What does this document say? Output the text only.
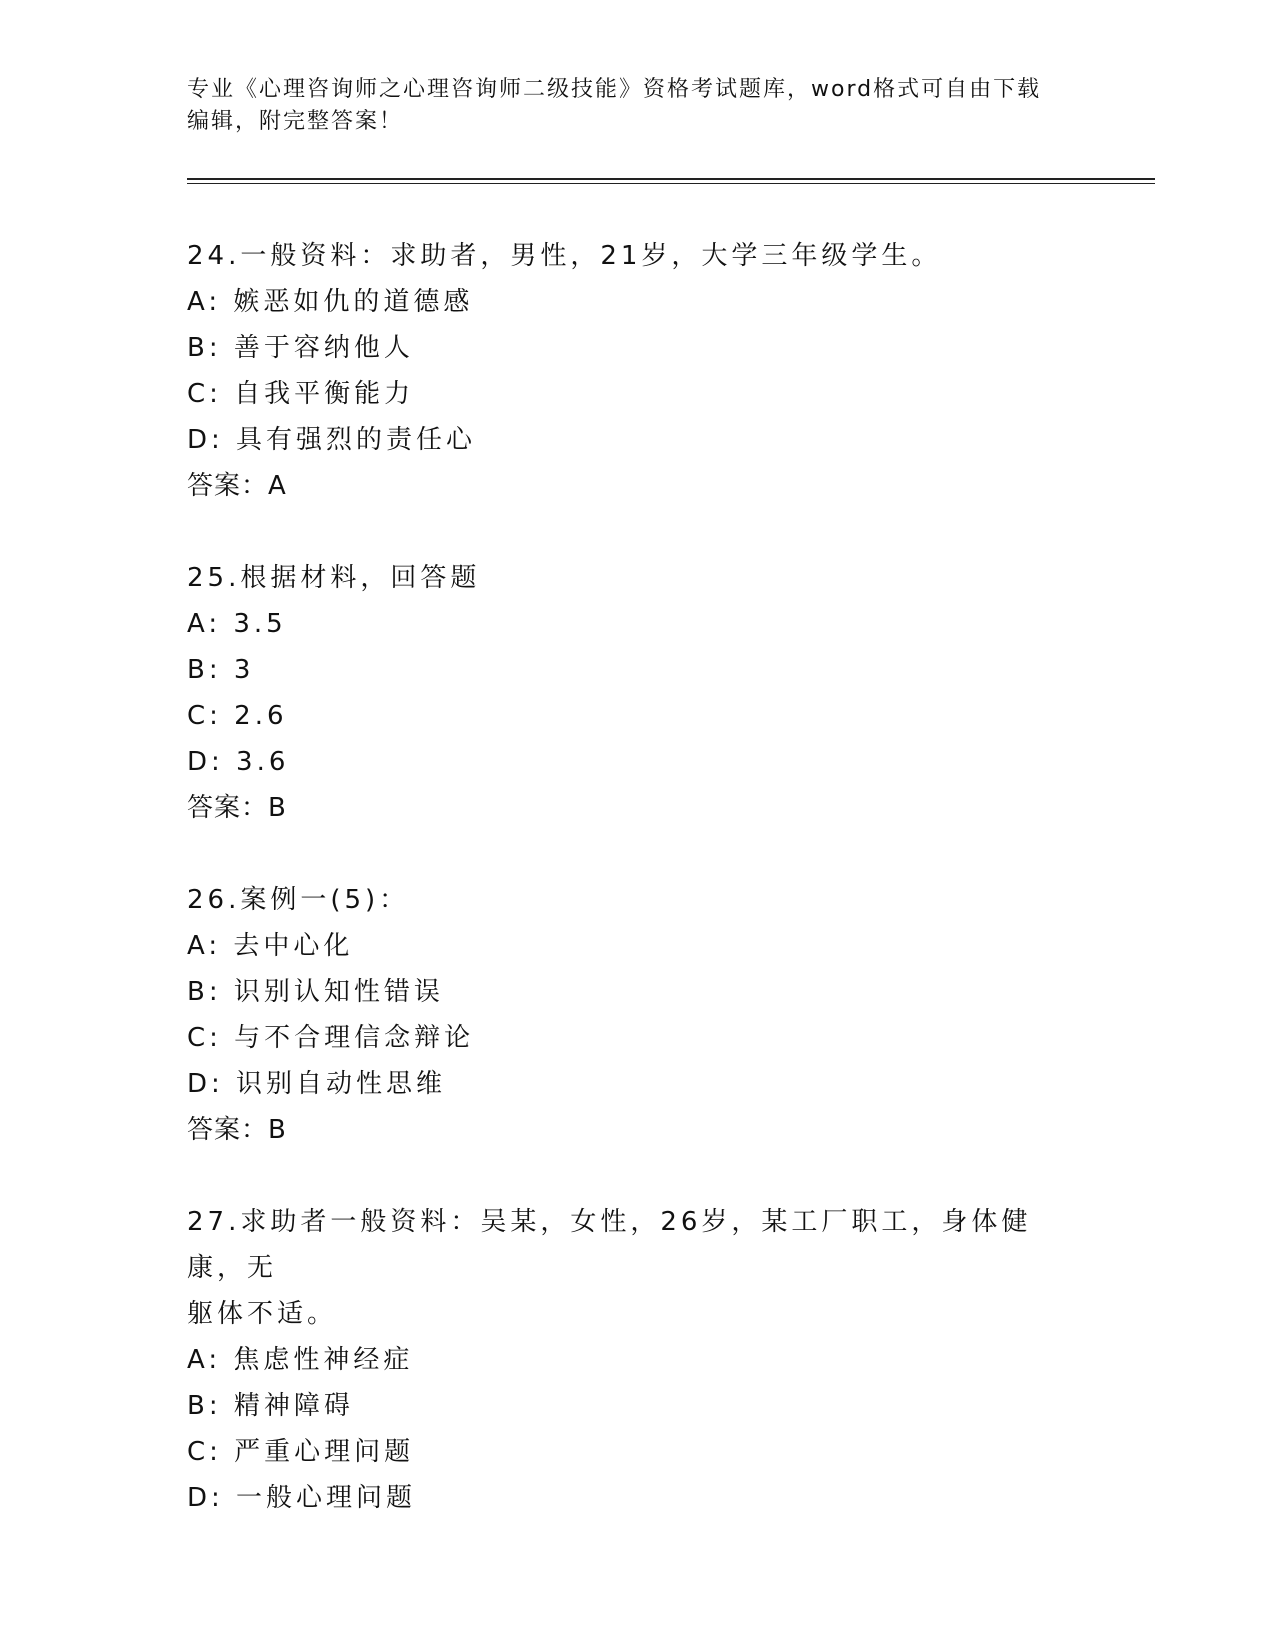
专业《心理咨询师之心理咨询师二级技能》资格考试题库，word格式可自由下载
编辑，附完整答案！
24.一般资料：求助者，男性，21岁，大学三年级学生。
A: 嫉恶如仇的道德感
B: 善于容纳他人
C: 自我平衡能力
D: 具有强烈的责任心
答案：A
25.根据材料，回答题
A: 3.5
B: 3
C: 2.6
D: 3.6
答案：B
26.案例一(5)：
A: 去中心化
B: 识别认知性错误
C: 与不合理信念辩论
D: 识别自动性思维
答案：B
27.求助者一般资料：吴某，女性，26岁，某工厂职工，身体健康，无
躯体不适。
A: 焦虑性神经症
B: 精神障碍
C: 严重心理问题
D: 一般心理问题
